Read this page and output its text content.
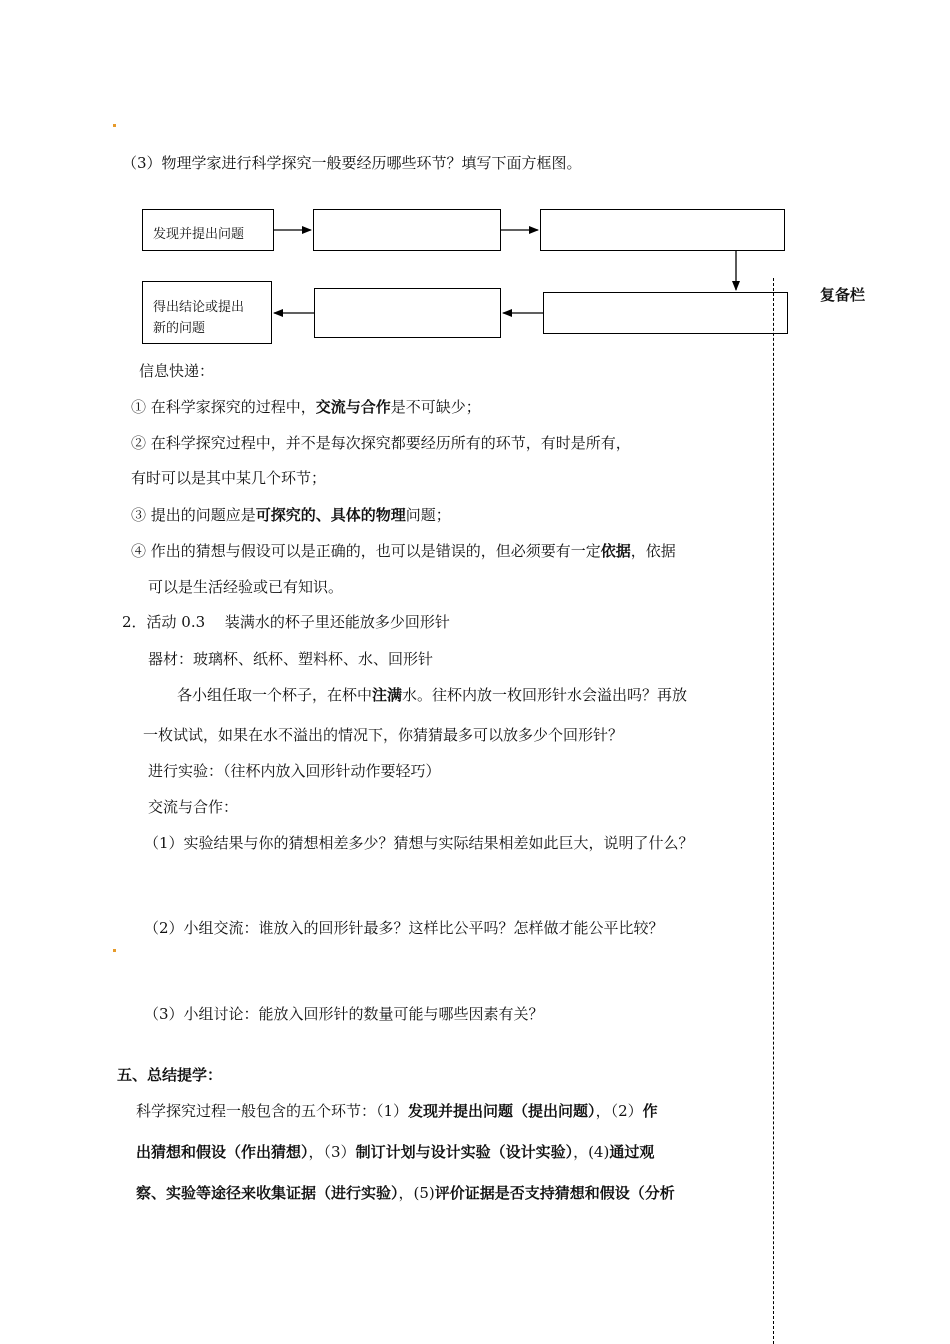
（3）物理学家进行科学探究一般要经历哪些环节？填写下面方框图。
发现并提出问题
得出结论或提出
新的问题
复备栏
信息快递：
① 在科学家探究的过程中，交流与合作是不可缺少；
② 在科学探究过程中，并不是每次探究都要经历所有的环节，有时是所有，
有时可以是其中某几个环节；
③ 提出的问题应是可探究的、具体的物理问题；
④ 作出的猜想与假设可以是正确的，也可以是错误的，但必须要有一定依据，依据
可以是生活经验或已有知识。
2．活动 0.3　 装满水的杯子里还能放多少回形针
器材：玻璃杯、纸杯、塑料杯、水、回形针
各小组任取一个杯子，在杯中注满水。往杯内放一枚回形针水会溢出吗？再放
一枚试试，如果在水不溢出的情况下，你猜猜最多可以放多少个回形针？
进行实验：（往杯内放入回形针动作要轻巧）
交流与合作：
（1）实验结果与你的猜想相差多少？猜想与实际结果相差如此巨大，说明了什么？
（2）小组交流：谁放入的回形针最多？这样比公平吗？怎样做才能公平比较？
（3）小组讨论：能放入回形针的数量可能与哪些因素有关？
五、总结提学：
科学探究过程一般包含的五个环节：（1）发现并提出问题（提出问题），（2）作
出猜想和假设（作出猜想），（3）制订计划与设计实验（设计实验），(4)通过观
察、实验等途径来收集证据（进行实验），(5)评价证据是否支持猜想和假设（分析
